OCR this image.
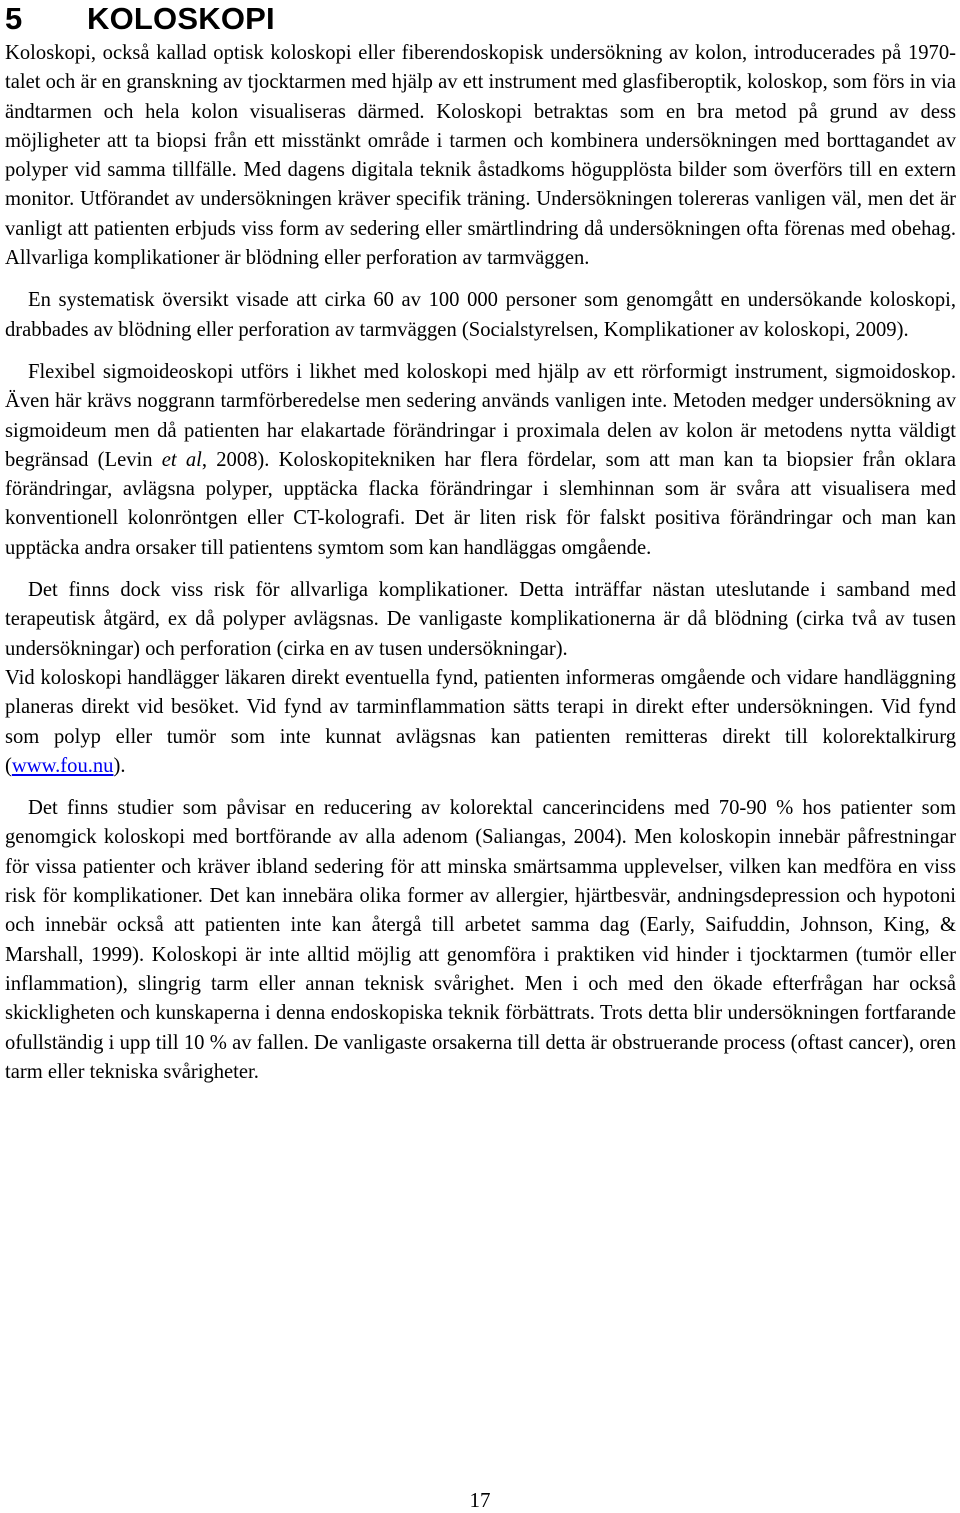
5 KOLOSKOPI

Koloskopi, också kallad optisk koloskopi eller fiberendoskopisk undersökning av kolon, introducerades på 1970-talet och är en granskning av tjocktarmen med hjälp av ett instrument med glasfiberoptik, koloskop, som förs in via ändtarmen och hela kolon visualiseras därmed. Koloskopi betraktas som en bra metod på grund av dess möjligheter att ta biopsi från ett misstänkt område i tarmen och kombinera undersökningen med borttagandet av polyper vid samma tillfälle. Med dagens digitala teknik åstadkoms högupplösta bilder som överförs till en extern monitor. Utförandet av undersökningen kräver specifik träning. Undersökningen tolereras vanligen väl, men det är vanligt att patienten erbjuds viss form av sedering eller smärtlindring då undersökningen ofta förenas med obehag. Allvarliga komplikationer är blödning eller perforation av tarmväggen.

En systematisk översikt visade att cirka 60 av 100 000 personer som genomgått en undersökande koloskopi, drabbades av blödning eller perforation av tarmväggen (Socialstyrelsen, Komplikationer av koloskopi, 2009).

Flexibel sigmoideoskopi utförs i likhet med koloskopi med hjälp av ett rörformigt instrument, sigmoidoskop. Även här krävs noggrann tarmförberedelse men sedering används vanligen inte. Metoden medger undersökning av sigmoideum men då patienten har elakartade förändringar i proximala delen av kolon är metodens nytta väldigt begränsad (Levin et al, 2008). Koloskopitekniken har flera fördelar, som att man kan ta biopsier från oklara förändringar, avlägsna polyper, upptäcka flacka förändringar i slemhinnan som är svåra att visualisera med konventionell kolonröntgen eller CT-kolografi. Det är liten risk för falskt positiva förändringar och man kan upptäcka andra orsaker till patientens symtom som kan handläggas omgående.

Det finns dock viss risk för allvarliga komplikationer. Detta inträffar nästan uteslutande i samband med terapeutisk åtgärd, ex då polyper avlägsnas. De vanligaste komplikationerna är då blödning (cirka två av tusen undersökningar) och perforation (cirka en av tusen undersökningar).

Vid koloskopi handlägger läkaren direkt eventuella fynd, patienten informeras omgående och vidare handläggning planeras direkt vid besöket. Vid fynd av tarminflammation sätts terapi in direkt efter undersökningen. Vid fynd som polyp eller tumör som inte kunnat avlägsnas kan patienten remitteras direkt till kolorektalkirurg (www.fou.nu).

Det finns studier som påvisar en reducering av kolorektal cancerincidens med 70-90 % hos patienter som genomgick koloskopi med bortförande av alla adenom (Saliangas, 2004). Men koloskopin innebär påfrestningar för vissa patienter och kräver ibland sedering för att minska smärtsamma upplevelser, vilken kan medföra en viss risk för komplikationer. Det kan innebära olika former av allergier, hjärtbesvär, andningsdepression och hypotoni och innebär också att patienten inte kan återgå till arbetet samma dag (Early, Saifuddin, Johnson, King, & Marshall, 1999). Koloskopi är inte alltid möjlig att genomföra i praktiken vid hinder i tjocktarmen (tumör eller inflammation), slingrig tarm eller annan teknisk svårighet. Men i och med den ökade efterfrågan har också skickligheten och kunskaperna i denna endoskopiska teknik förbättrats. Trots detta blir undersökningen fortfarande ofullständig i upp till 10 % av fallen. De vanligaste orsakerna till detta är obstruerande process (oftast cancer), oren tarm eller tekniska svårigheter.

17
